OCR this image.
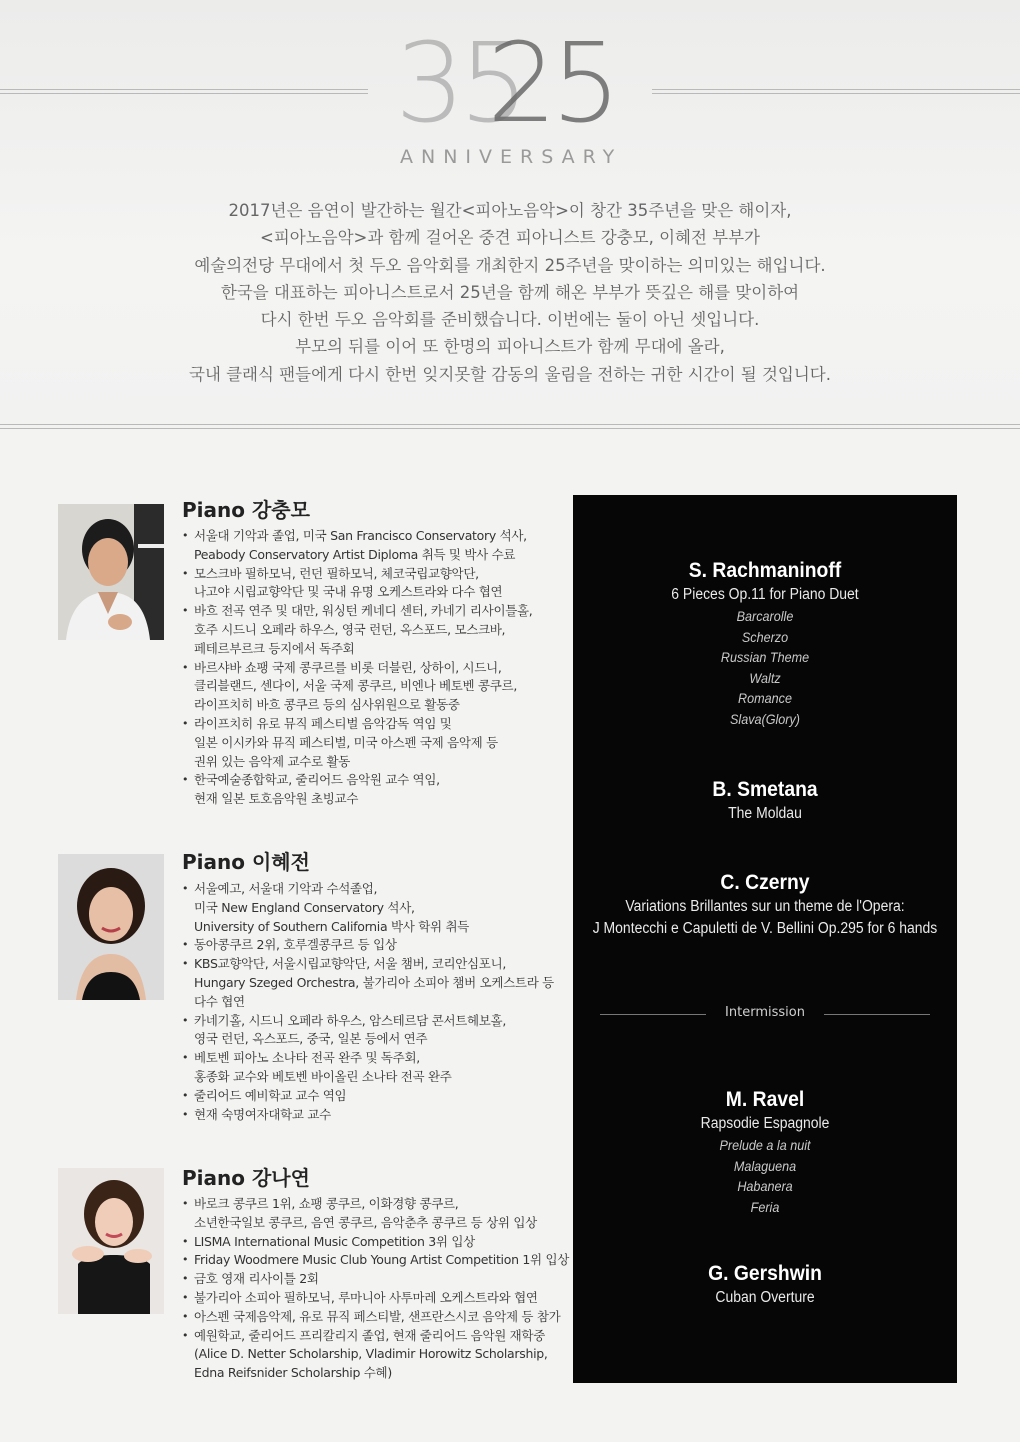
35
25
ANNIVERSARY

2017년은 음연이 발간하는 월간<피아노음악>이 창간 35주년을 맞은 해이자,

<피아노음악>과 함께 걸어온 중견 피아니스트 강충모, 이혜전 부부가

예술의전당 무대에서 첫 두오 음악회를 개최한지 25주년을 맞이하는 의미있는 해입니다.

한국을 대표하는 피아니스트로서 25년을 함께 해온 부부가 뜻깊은 해를 맞이하여

다시 한번 두오 음악회를 준비했습니다. 이번에는 둘이 아닌 셋입니다.

부모의 뒤를 이어 또 한명의 피아니스트가 함께 무대에 올라,

국내 클래식 팬들에게 다시 한번 잊지못할 감동의 울림을 전하는 귀한 시간이 될 것입니다.

Piano 강충모
• 서울대 기악과 졸업, 미국 San Francisco Conservatory 석사,
Peabody Conservatory Artist Diploma 취득 및 박사 수료
• 모스크바 필하모닉, 런던 필하모닉, 체코국립교향악단,
나고야 시립교향악단 및 국내 유명 오케스트라와 다수 협연
• 바흐 전곡 연주 및 대만, 워싱턴 케네디 센터, 카네기 리사이틀홀,
호주 시드니 오페라 하우스, 영국 런던, 옥스포드, 모스크바,
페테르부르크 등지에서 독주회
• 바르샤바 쇼팽 국제 콩쿠르를 비롯 더블린, 상하이, 시드니,
클리블랜드, 센다이, 서울 국제 콩쿠르, 비엔나 베토벤 콩쿠르,
라이프치히 바흐 콩쿠르 등의 심사위원으로 활동중
• 라이프치히 유로 뮤직 페스티벌 음악감독 역임 및
일본 이시카와 뮤직 페스티벌, 미국 아스펜 국제 음악제 등
권위 있는 음악제 교수로 활동
• 한국예술종합학교, 줄리어드 음악원 교수 역임,
현재 일본 토호음악원 초빙교수
Piano 이혜전
• 서울예고, 서울대 기악과 수석졸업,
미국 New England Conservatory 석사,
University of Southern California 박사 학위 취득
• 동아콩쿠르 2위, 호루겔콩쿠르 등 입상
• KBS교향악단, 서울시립교향악단, 서울 챔버, 코리안심포니,
Hungary Szeged Orchestra, 불가리아 소피아 챔버 오케스트라 등
다수 협연
• 카네기홀, 시드니 오페라 하우스, 암스테르담 콘서트헤보홀,
영국 런던, 옥스포드, 중국, 일본 등에서 연주
• 베토벤 피아노 소나타 전곡 완주 및 독주회,
홍종화 교수와 베토벤 바이올린 소나타 전곡 완주
• 줄리어드 예비학교 교수 역임
• 현재 숙명여자대학교 교수
Piano 강나연
• 바로크 콩쿠르 1위, 쇼팽 콩쿠르, 이화경향 콩쿠르,
소년한국일보 콩쿠르, 음연 콩쿠르, 음악춘추 콩쿠르 등 상위 입상
• LISMA International Music Competition 3위 입상
• Friday Woodmere Music Club Young Artist Competition 1위 입상
• 금호 영재 리사이틀 2회
• 불가리아 소피아 필하모닉, 루마니아 사투마레 오케스트라와 협연
• 아스펜 국제음악제, 유로 뮤직 페스티발, 샌프란스시코 음악제 등 참가
• 예원학교, 줄리어드 프리칼리지 졸업, 현재 줄리어드 음악원 재학중
(Alice D. Netter Scholarship, Vladimir Horowitz Scholarship,
Edna Reifsnider Scholarship 수혜)
S. Rachmaninoff
6 Pieces Op.11 for Piano Duet
Barcarolle
Scherzo
Russian Theme
Waltz
Romance
Slava(Glory)
B. Smetana
The Moldau
C. Czerny
Variations Brillantes sur un theme de l'Opera:
J Montecchi e Capuletti de V. Bellini Op.295 for 6 hands
Intermission
M. Ravel
Rapsodie Espagnole
Prelude a la nuit
Malaguena
Habanera
Feria
G. Gershwin
Cuban Overture
